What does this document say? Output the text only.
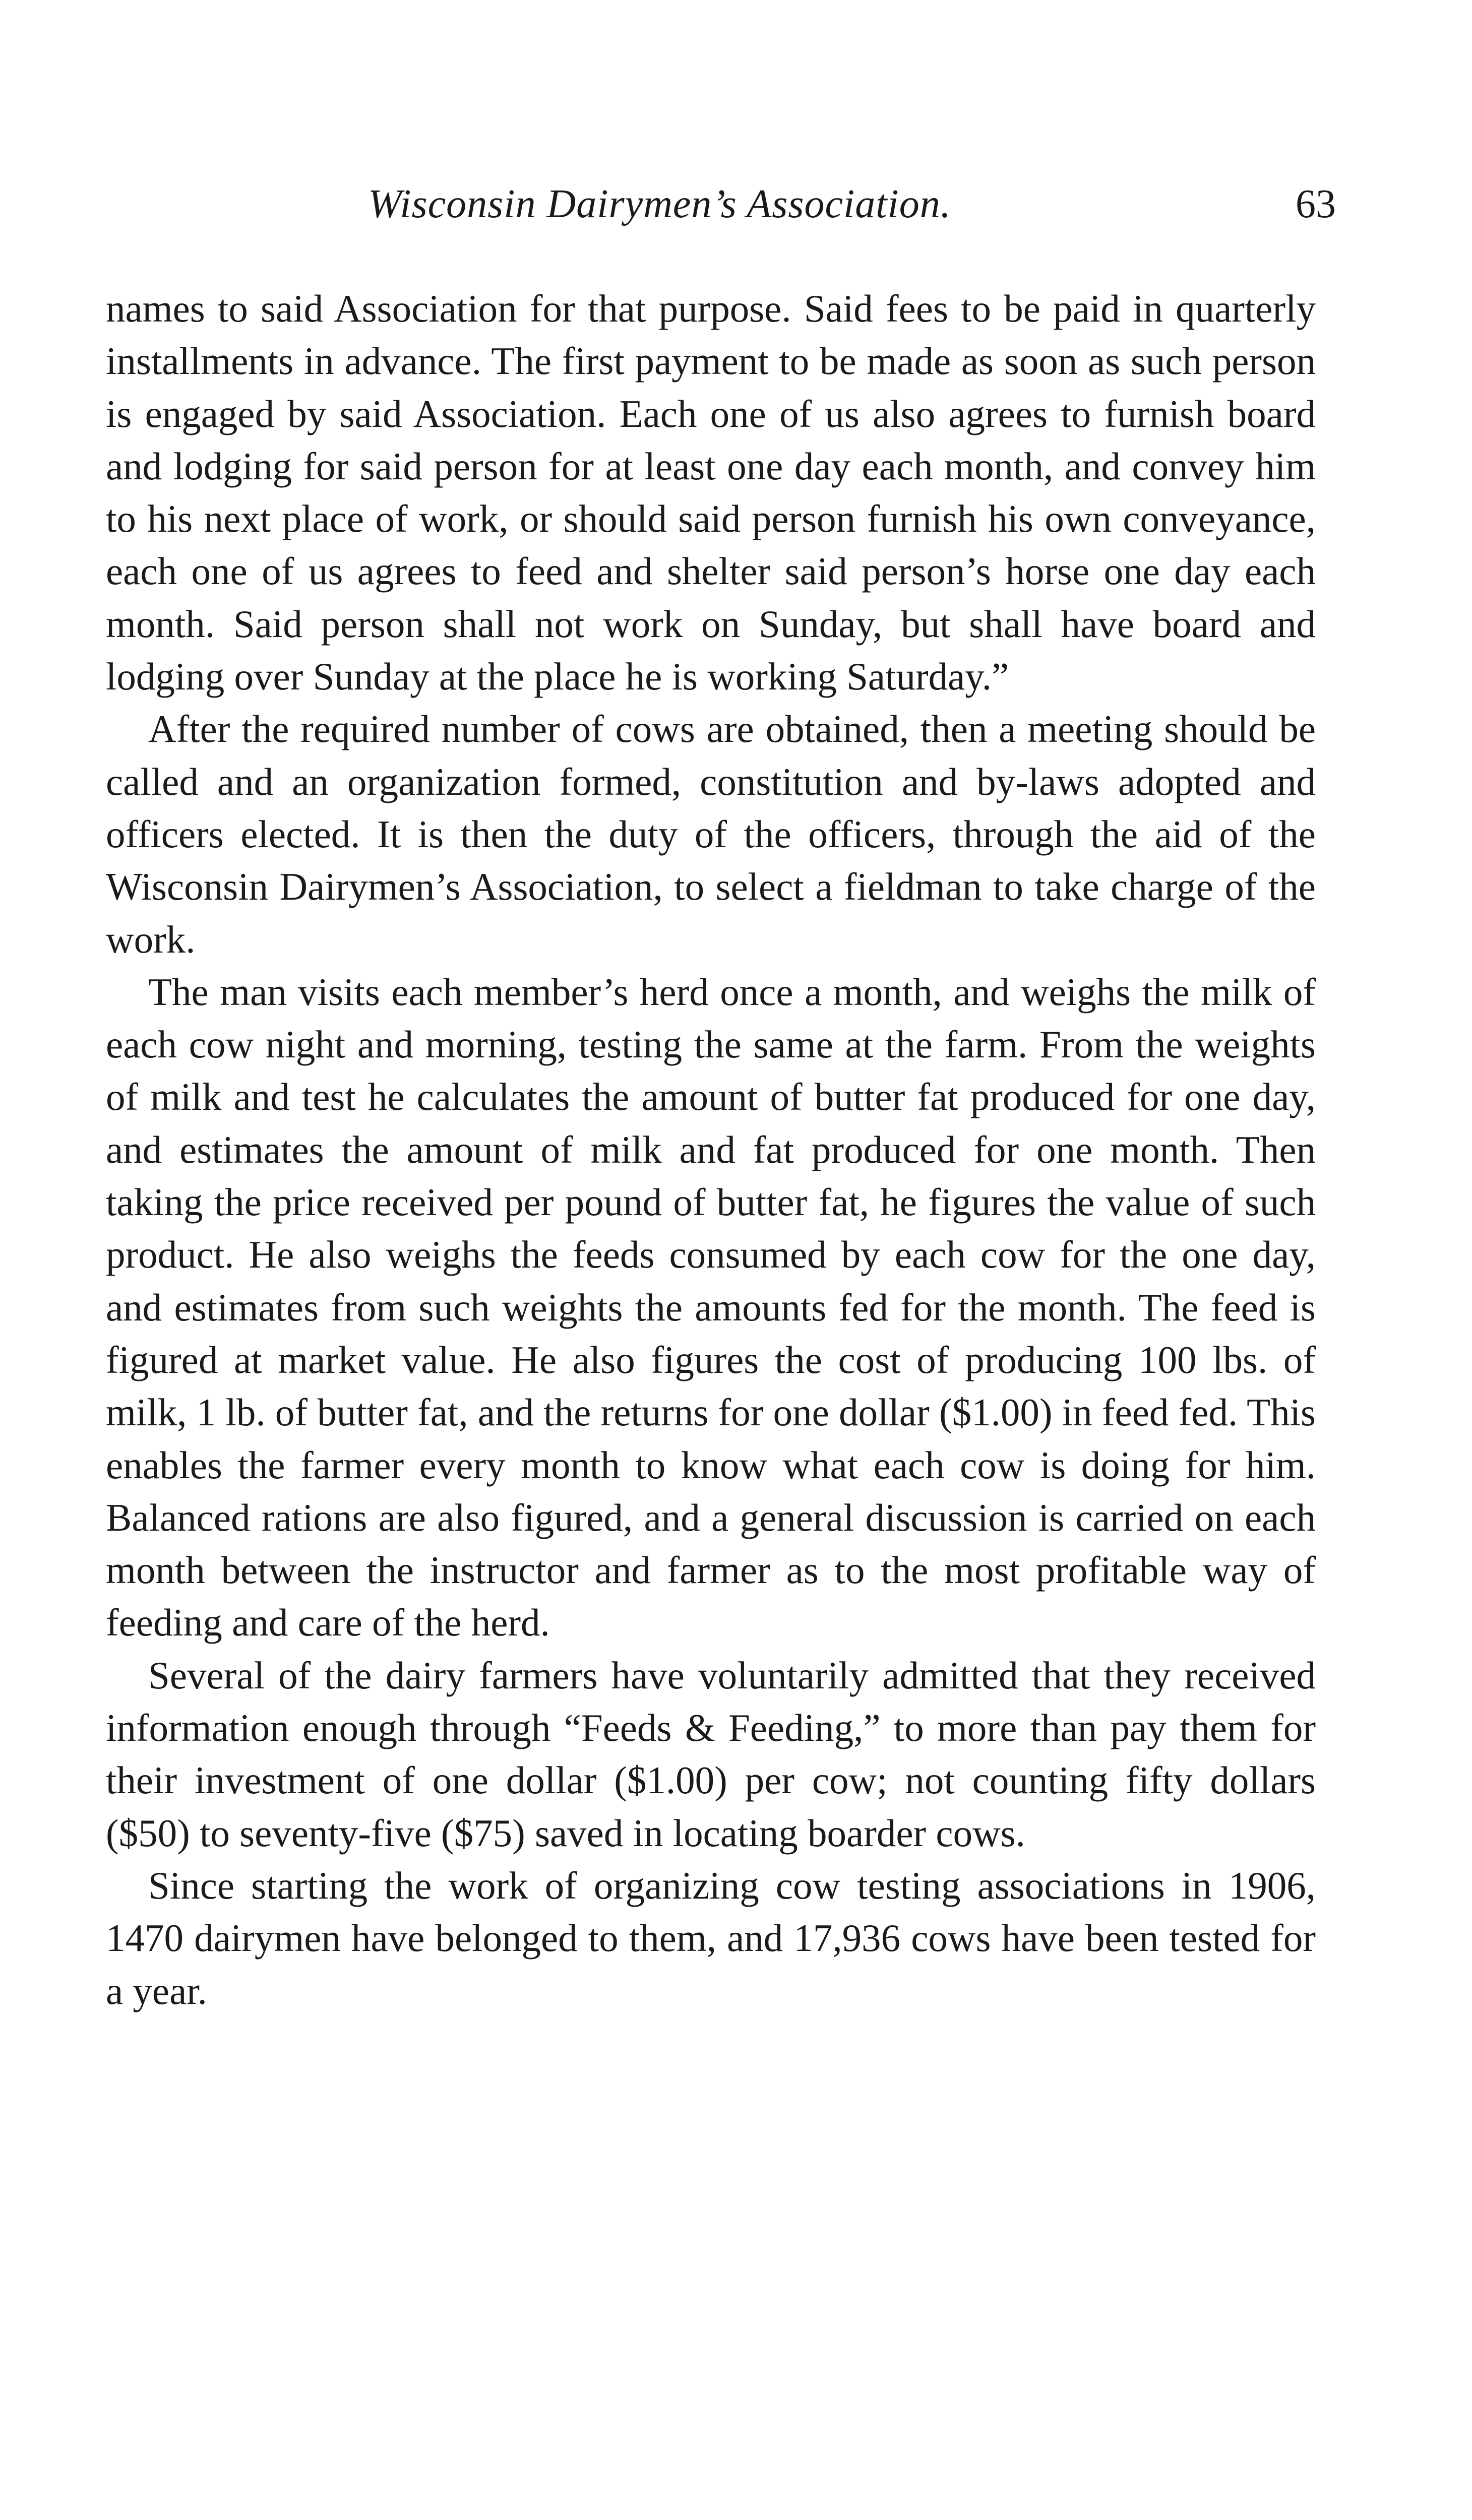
Wisconsin Dairymen’s Association.	63

names to said Association for that purpose. Said fees to be paid in quarterly installments in advance. The first payment to be made as soon as such person is engaged by said Association. Each one of us also agrees to furnish board and lodging for said person for at least one day each month, and convey him to his next place of work, or should said person furnish his own conveyance, each one of us agrees to feed and shelter said person’s horse one day each month. Said person shall not work on Sunday, but shall have board and lodging over Sunday at the place he is working Saturday.”

After the required number of cows are obtained, then a meeting should be called and an organization formed, constitution and by-laws adopted and officers elected. It is then the duty of the officers, through the aid of the Wisconsin Dairymen’s Association, to select a fieldman to take charge of the work.

The man visits each member’s herd once a month, and weighs the milk of each cow night and morning, testing the same at the farm. From the weights of milk and test he calculates the amount of butter fat produced for one day, and estimates the amount of milk and fat produced for one month. Then taking the price received per pound of butter fat, he figures the value of such product. He also weighs the feeds consumed by each cow for the one day, and estimates from such weights the amounts fed for the month. The feed is figured at market value. He also figures the cost of producing 100 lbs. of milk, 1 lb. of butter fat, and the returns for one dollar ($1.00) in feed fed. This enables the farmer every month to know what each cow is doing for him. Balanced rations are also figured, and a general discussion is carried on each month between the instructor and farmer as to the most profitable way of feeding and care of the herd.

Several of the dairy farmers have voluntarily admitted that they received information enough through “Feeds & Feeding,” to more than pay them for their investment of one dollar ($1.00) per cow; not counting fifty dollars ($50) to seventy-five ($75) saved in locating boarder cows.

Since starting the work of organizing cow testing associations in 1906, 1470 dairymen have belonged to them, and 17,936 cows have been tested for a year.
